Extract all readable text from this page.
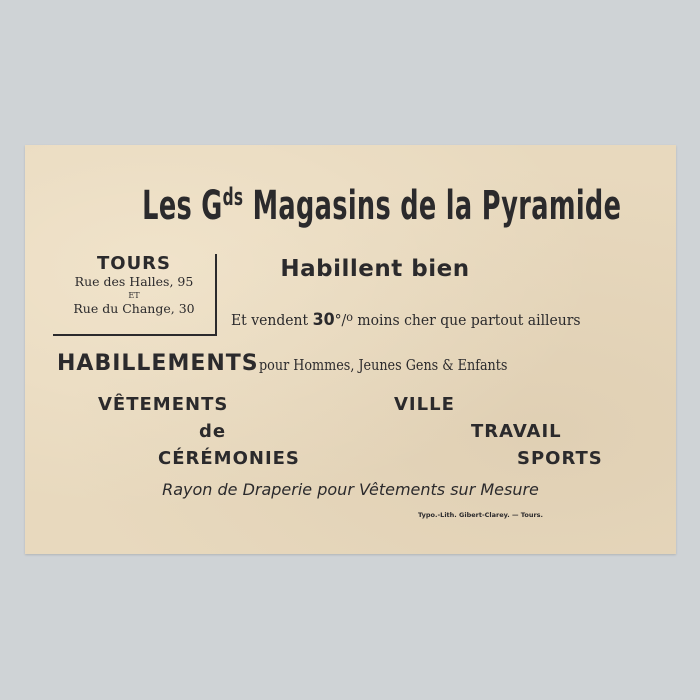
Les $G^{ds}$ Magasins de la Pyramide
TOURS
Rue des Halles, 95
ET
Rue du Change, 30
Habillent bien
Et vendent 30°/$^o$ moins cher que partout ailleurs
HABILLEMENTSpour Hommes, Jeunes Gens & Enfants
VÊTEMENTS
de
CÉRÉMONIES
VILLE
TRAVAIL
SPORTS
Rayon de Draperie pour Vêtements sur Mesure
Typo.-Lith. Gibert-Clarey. — Tours.
